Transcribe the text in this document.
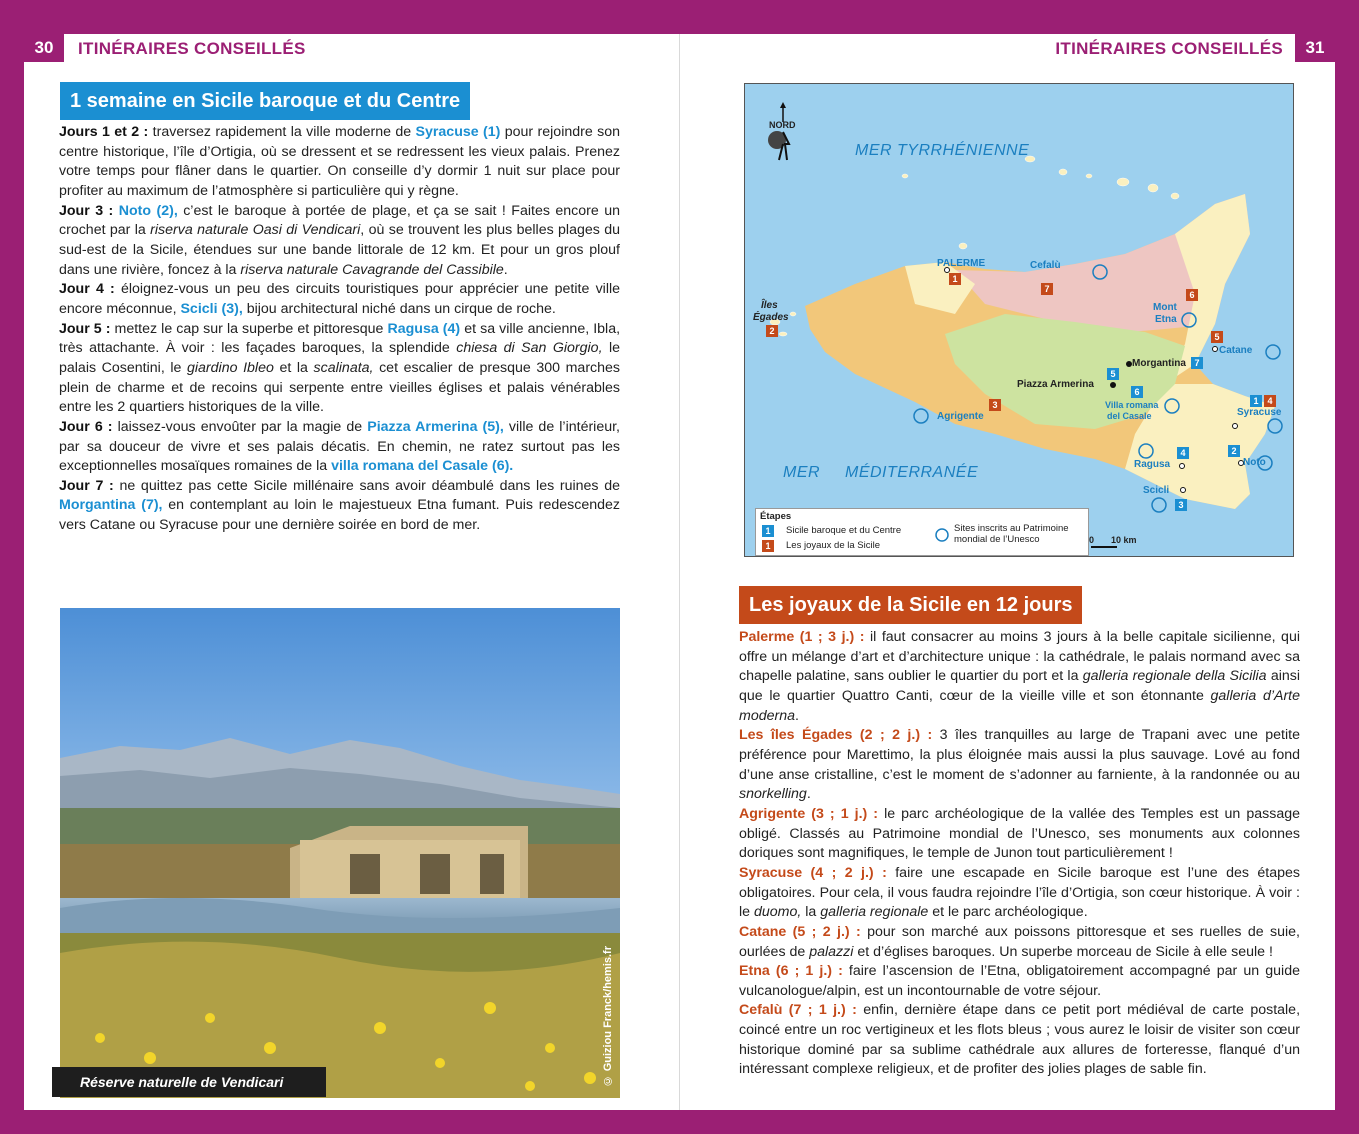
30	ITINÉRAIRES CONSEILLÉS	31
ITINÉRAIRES CONSEILLÉS
1 semaine en Sicile baroque et du Centre

Jours 1 et 2 : traversez rapidement la ville moderne de Syracuse (1) pour rejoindre son centre historique, l’île d’Ortigia, où se dressent et se redressent les vieux palais. Prenez votre temps pour flâner dans le quartier. On conseille d’y dormir 1 nuit sur place pour profiter au maximum de l’atmosphère si particulière qui y règne.

Jour 3 : Noto (2), c’est le baroque à portée de plage, et ça se sait ! Faites encore un crochet par la riserva naturale Oasi di Vendicari, où se trouvent les plus belles plages du sud-est de la Sicile, étendues sur une bande littorale de 12 km. Et pour un gros plouf dans une rivière, foncez à la riserva naturale Cavagrande del Cassibile.

Jour 4 : éloignez-vous un peu des circuits touristiques pour apprécier une petite ville encore méconnue, Scicli (3), bijou architectural niché dans un cirque de roche.

Jour 5 : mettez le cap sur la superbe et pittoresque Ragusa (4) et sa ville ancienne, Ibla, très attachante. À voir : les façades baroques, la splendide chiesa di San Giorgio, le palais Cosentini, le giardino Ibleo et la scalinata, cet escalier de presque 300 marches plein de charme et de recoins qui serpente entre vieilles églises et palais vénérables entre les 2 quartiers historiques de la ville.

Jour 6 : laissez-vous envoûter par la magie de Piazza Armerina (5), ville de l’intérieur, par sa douceur de vivre et ses palais décatis. En chemin, ne ratez surtout pas les exceptionnelles mosaïques romaines de la villa romana del Casale (6).

Jour 7 : ne quittez pas cette Sicile millénaire sans avoir déambulé dans les ruines de Morgantina (7), en contemplant au loin le majestueux Etna fumant. Puis redescendez vers Catane ou Syracuse pour une dernière soirée en bord de mer.

© Guiziou Franck/hemis.fr
Réserve naturelle de Vendicari
NORD
MER TYRRHÉNIENNE
MER MÉDITERRANÉE
Îles
Égades
2
PALERME
1
Cefalù
7
6
Mont
Etna
5
Catane
Morgantina 7
5
Piazza Armerina
6
Villa romana
del Casale
3
Agrigente
1 4
Syracuse
2
Noto
4
Ragusa
Scicli
3
Étapes
1	Sicile baroque et du Centre
1	Les joyaux de la Sicile
Sites inscrits au Patrimoine
mondial de l’Unesco	0 10 km
Les joyaux de la Sicile en 12 jours

Palerme (1 ; 3 j.) : il faut consacrer au moins 3 jours à la belle capitale sicilienne, qui offre un mélange d’art et d’architecture unique : la cathédrale, le palais normand avec sa chapelle palatine, sans oublier le quartier du port et la galleria regionale della Sicilia ainsi que le quartier Quattro Canti, cœur de la vieille ville et son étonnante galleria d’Arte moderna.

Les îles Égades (2 ; 2 j.) : 3 îles tranquilles au large de Trapani avec une petite préférence pour Marettimo, la plus éloignée mais aussi la plus sauvage. Lové au fond d’une anse cristalline, c’est le moment de s’adonner au farniente, à la randonnée ou au snorkelling.

Agrigente (3 ; 1 j.) : le parc archéologique de la vallée des Temples est un passage obligé. Classés au Patrimoine mondial de l’Unesco, ses monuments aux colonnes doriques sont magnifiques, le temple de Junon tout particulièrement !

Syracuse (4 ; 2 j.) : faire une escapade en Sicile baroque est l’une des étapes obligatoires. Pour cela, il vous faudra rejoindre l’île d’Ortigia, son cœur historique. À voir : le duomo, la galleria regionale et le parc archéologique.

Catane (5 ; 2 j.) : pour son marché aux poissons pittoresque et ses ruelles de suie, ourlées de palazzi et d’églises baroques. Un superbe morceau de Sicile à elle seule !

Etna (6 ; 1 j.) : faire l’ascension de l’Etna, obligatoirement accompagné par un guide vulcanologue/alpin, est un incontournable de votre séjour.

Cefalù (7 ; 1 j.) : enfin, dernière étape dans ce petit port médiéval de carte postale, coincé entre un roc vertigineux et les flots bleus ; vous aurez le loisir de visiter son cœur historique dominé par sa sublime cathédrale aux allures de forteresse, flanqué d’un intéressant complexe religieux, et de profiter des jolies plages de sable fin.
